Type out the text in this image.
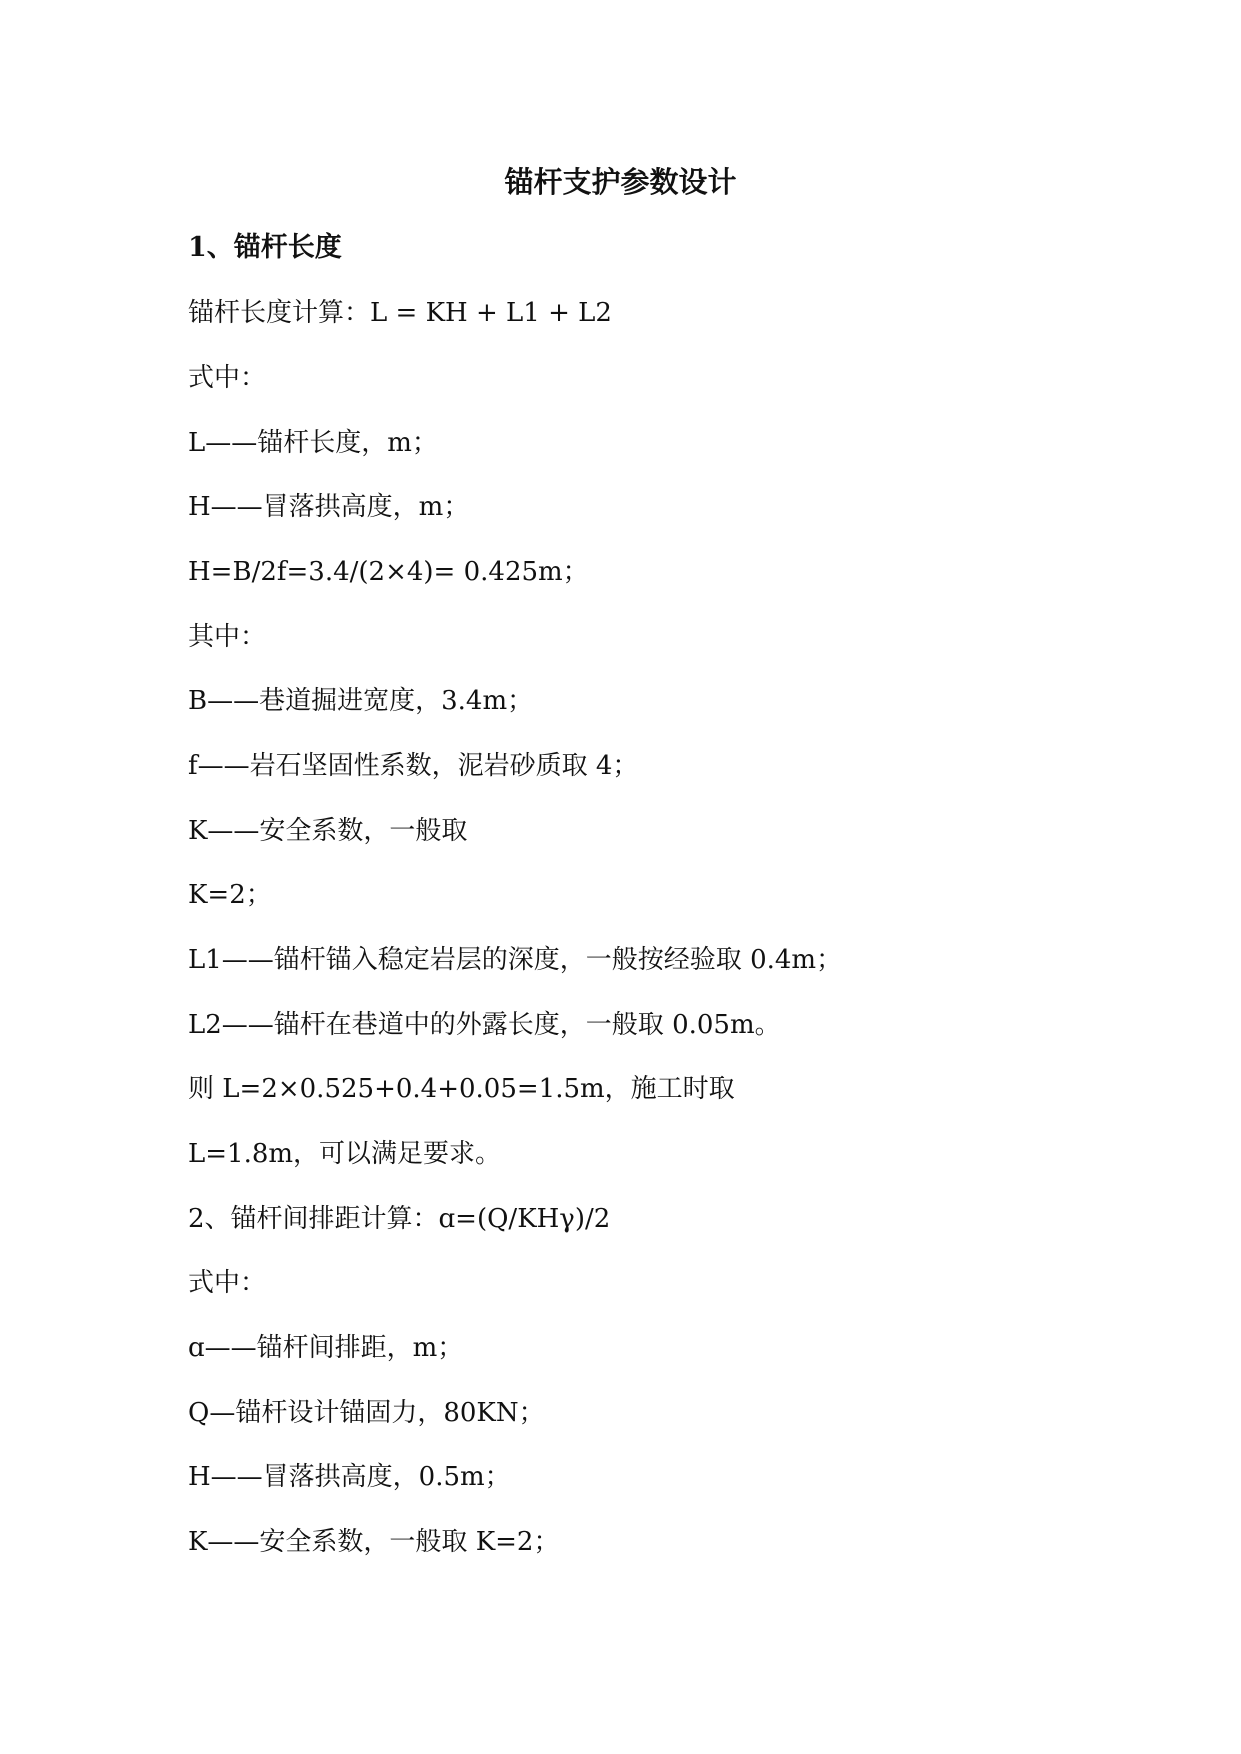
锚杆支护参数设计
1、锚杆长度
锚杆长度计算：L = KH + L1 + L2
式中：
L——锚杆长度，m；
H——冒落拱高度，m；
H=B/2f=3.4/(2×4)= 0.425m；
其中：
B——巷道掘进宽度，3.4m；
f——岩石坚固性系数，泥岩砂质取 4；
K——安全系数，一般取
K=2；
L1——锚杆锚入稳定岩层的深度，一般按经验取 0.4m；
L2——锚杆在巷道中的外露长度，一般取 0.05m。
则 L=2×0.525+0.4+0.05=1.5m，施工时取
L=1.8m，可以满足要求。
2、锚杆间排距计算：ɑ=(Q/KHγ)/2
式中：
ɑ——锚杆间排距，m；
Q—锚杆设计锚固力，80KN；
H——冒落拱高度，0.5m；
K——安全系数，一般取 K=2；
